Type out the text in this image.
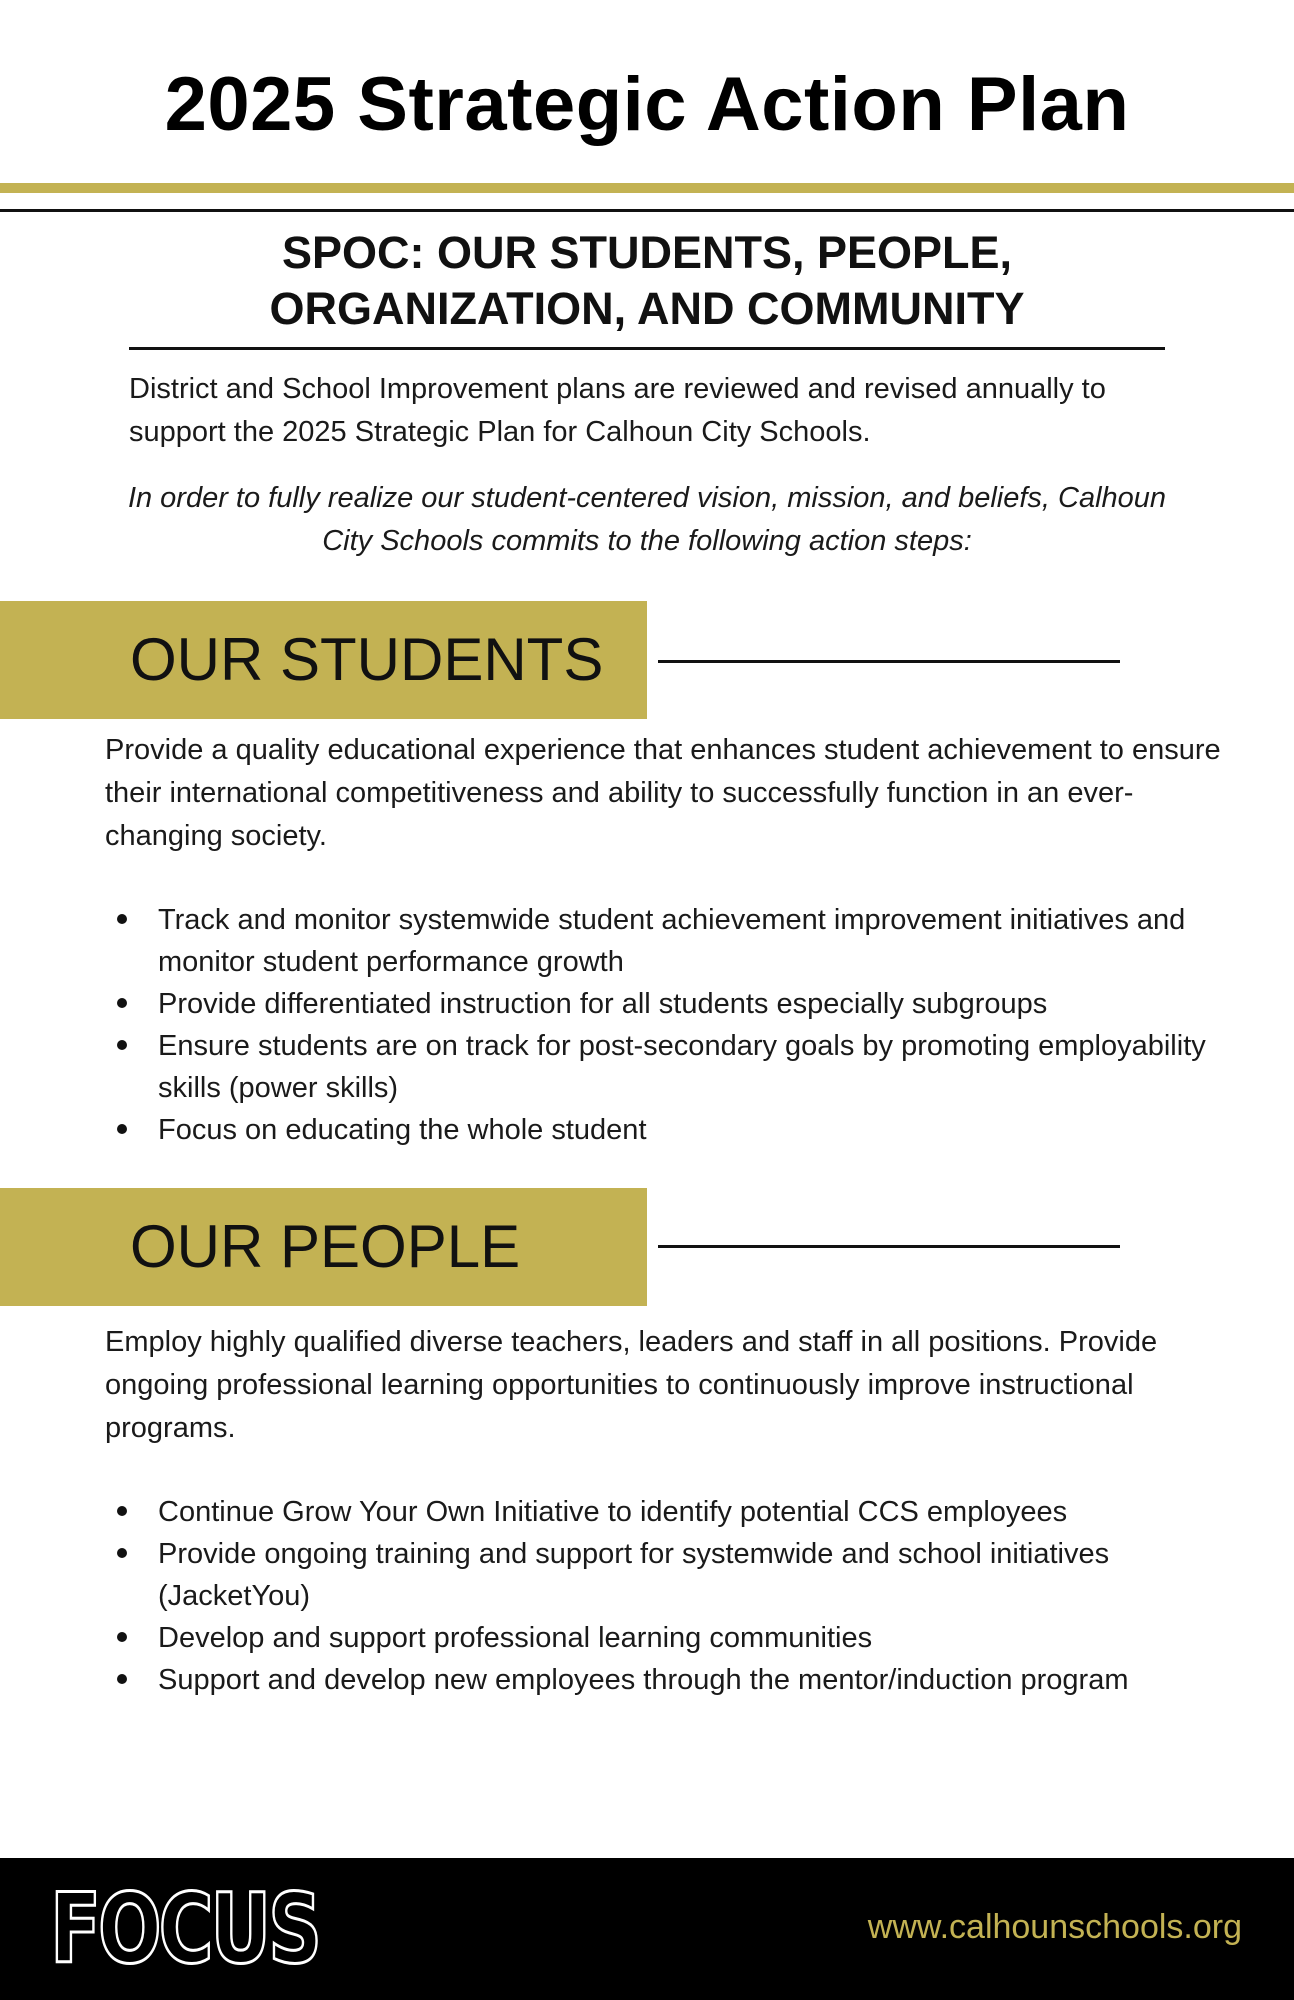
2025 Strategic Action Plan
SPOC: OUR STUDENTS, PEOPLE,
ORGANIZATION, AND COMMUNITY
District and School Improvement plans are reviewed and revised annually to support the 2025 Strategic Plan for Calhoun City Schools.
In order to fully realize our student-centered vision, mission, and beliefs, Calhoun City Schools commits to the following action steps:
OUR STUDENTS
Provide a quality educational experience that enhances student achievement to ensure their international competitiveness and ability to successfully function in an ever-changing society.
Track and monitor systemwide student achievement improvement initiatives and monitor student performance growth
Provide differentiated instruction for all students especially subgroups
Ensure students are on track for post-secondary goals by promoting employability skills (power skills)
Focus on educating the whole student
OUR PEOPLE
Employ highly qualified diverse teachers, leaders and staff in all positions. Provide ongoing professional learning opportunities to continuously improve instructional programs.
Continue Grow Your Own Initiative to identify potential CCS employees
Provide ongoing training and support for systemwide and school initiatives (JacketYou)
Develop and support professional learning communities
Support and develop new employees through the mentor/induction program
FOCUS	www.calhounschools.org
